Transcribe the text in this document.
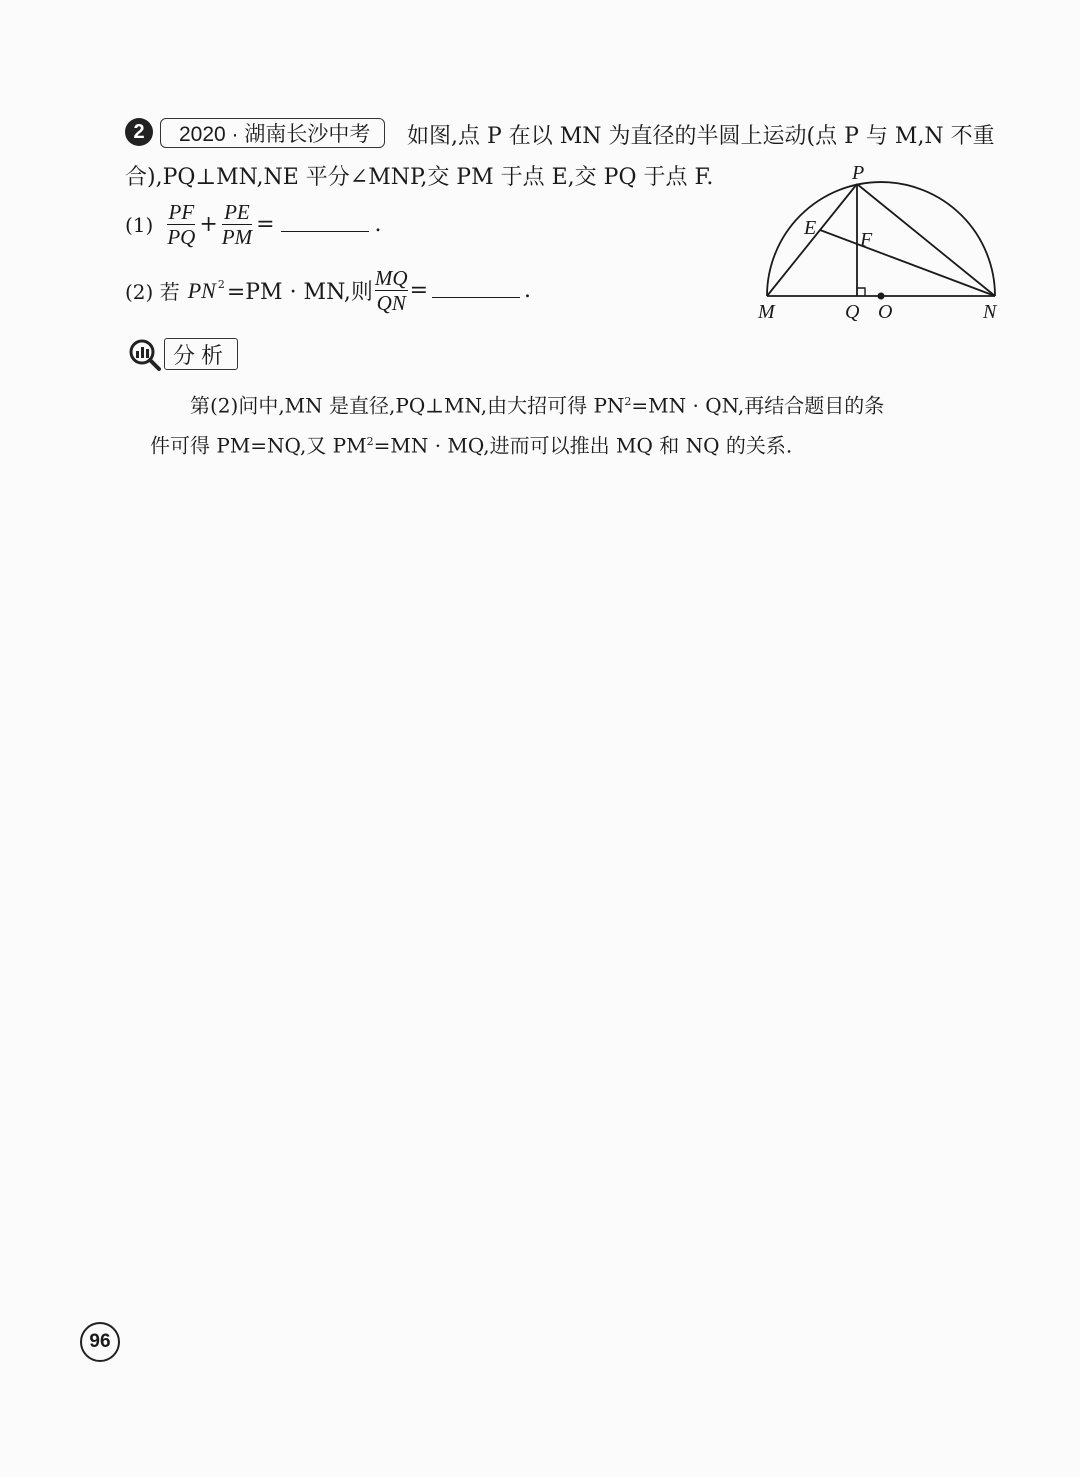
2 2020 · 湖南长沙中考 如图,点 P 在以 MN 为直径的半圆上运动(点 P 与 M,N 不重
合),PQ⊥MN,NE 平分∠MNP,交 PM 于点 E,交 PQ 于点 F.
$(1) \frac{PF}{PQ} + \frac{PE}{PM}$ =	.
(2) 若 $PN^2 =PM$ · MN,则 $\frac{MQ}{QN}$ =	.
P
E
F
M	Q O	N
分析
第(2)问中,MN 是直径,PQ⊥MN,由大招可得 $PN^2=MN$ · QN,再结合题目的条
件可得 PM=NQ,又 $PM^2=MN$ · MQ,进而可以推出 MQ 和 NQ 的关系.
96
